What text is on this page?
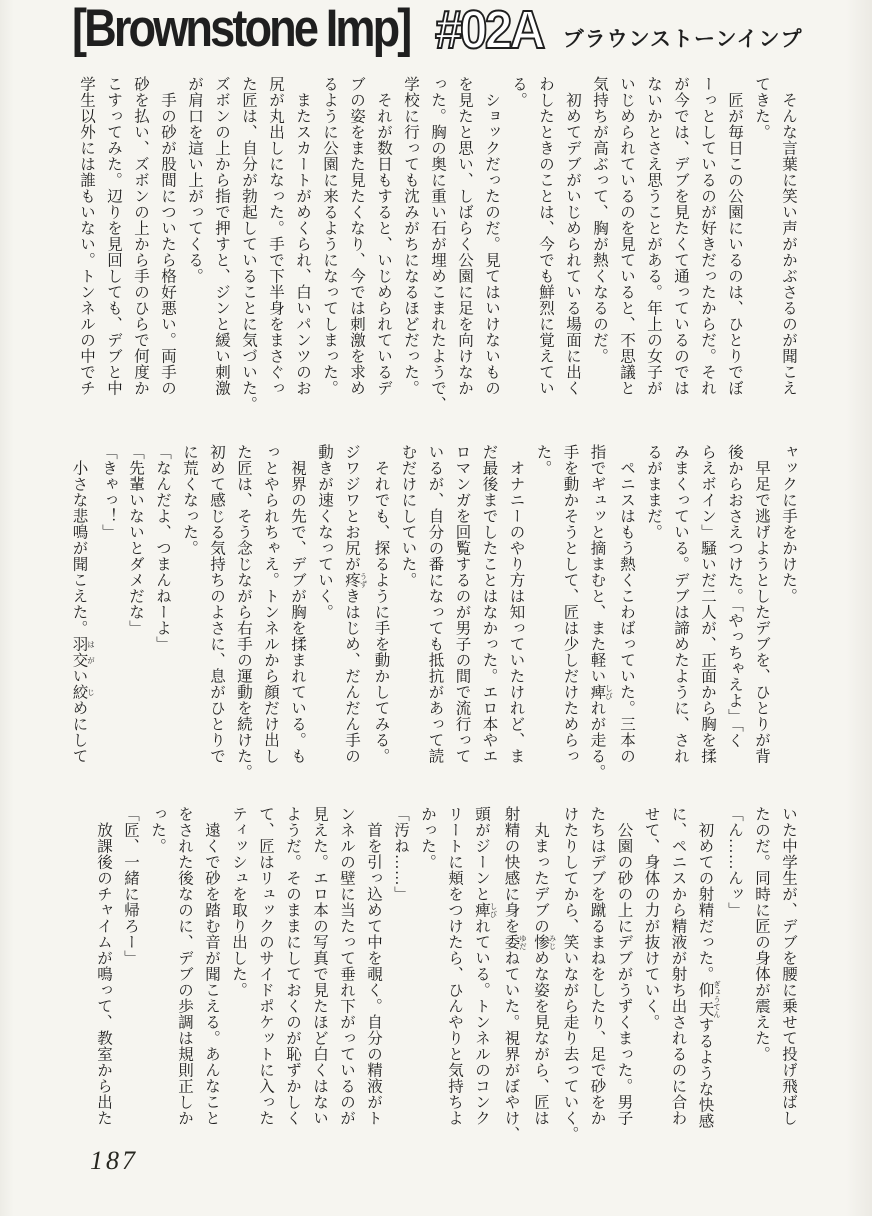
[Brownstone Imp] #02A ブラウンストーンインプ
　そんな言葉に笑い声がかぶさるのが聞こえ
てきた。
　匠が毎日この公園にいるのは、ひとりでぼ
ーっとしているのが好きだったからだ。それ
が今では、デブを見たくて通っているのでは
ないかとさえ思うことがある。年上の女子が
いじめられているのを見ていると、不思議と
気持ちが高ぶって、胸が熱くなるのだ。
　初めてデブがいじめられている場面に出く
わしたときのことは、今でも鮮烈に覚えてい
る。
　ショックだったのだ。見てはいけないもの
を見たと思い、しばらく公園に足を向けなか
った。胸の奥に重い石が埋めこまれたようで、
学校に行っても沈みがちになるほどだった。
　それが数日もすると、いじめられているデ
ブの姿をまた見たくなり、今では刺激を求め
るように公園に来るようになってしまった。
　またスカートがめくられ、白いパンツのお
尻が丸出しになった。手で下半身をまさぐっ
た匠は、自分が勃起していることに気づいた。
ズボンの上から指で押すと、ジンと緩い刺激
が肩口を這い上がってくる。
　手の砂が股間についたら格好悪い。両手の
砂を払い、ズボンの上から手のひらで何度か
こすってみた。辺りを見回しても、デブと中
学生以外には誰もいない。トンネルの中でチ
ャックに手をかけた。
　早足で逃げようとしたデブを、ひとりが背
後からおさえつけた。「やっちゃえよ」「く
らえボイン」騒いだ二人が、正面から胸を揉
みまくっている。デブは諦めたように、され
るがままだ。
　ペニスはもう熱くこわばっていた。三本の
指でギュッと摘まむと、また軽い痺 しびれが走る。
手を動かそうとして、匠は少しだけためらっ
た。
　オナニーのやり方は知っていたけれど、ま
だ最後までしたことはなかった。エロ本やエ
ロマンガを回覧するのが男子の間で流行って
いるが、自分の番になっても抵抗があって読
むだけにしていた。
　それでも、探るように手を動かしてみる。
ジワジワとお尻が疼 うずきはじめ、だんだん手の
動きが速くなっていく。
　視界の先で、デブが胸を揉まれている。も
っとやられちゃえ。トンネルから顔だけ出し
た匠は、そう念じながら右手の運動を続けた。
初めて感じる気持ちのよさに、息がひとりで
に荒くなった。
「なんだよ、つまんねーよ」
「先輩いないとダメだな」
「きゃっ！」
　小さな悲鳴が聞こえた。羽交 はがい絞 じめにして
いた中学生が、デブを腰に乗せて投げ飛ばし
たのだ。同時に匠の身体が震えた。
「ん……んッ」
　初めての射精だった。仰天 ぎょうてんするような快感
に、ペニスから精液が射ち出されるのに合わ
せて、身体の力が抜けていく。
　公園の砂の上にデブがうずくまった。男子
たちはデブを蹴るまねをしたり、足で砂をか
けたりしてから、笑いながら走り去っていく。
　丸まったデブの惨 みじめな姿を見ながら、匠は
射精の快感に身を委 ゆだねていた。視界がぼやけ、
頭がジーンと痺 しびれている。トンネルのコンク
リートに頬をつけたら、ひんやりと気持ちよ
かった。
「汚ね……」
　首を引っ込めて中を覗く。自分の精液がト
ンネルの壁に当たって垂れ下がっているのが
見えた。エロ本の写真で見たほど白くはない
ようだ。そのままにしておくのが恥ずかしく
て、匠はリュックのサイドポケットに入った
ティッシュを取り出した。
　遠くで砂を踏む音が聞こえる。あんなこと
をされた後なのに、デブの歩調は規則正しか
った。
「匠、一緒に帰ろー」
　放課後のチャイムが鳴って、教室から出た
187
